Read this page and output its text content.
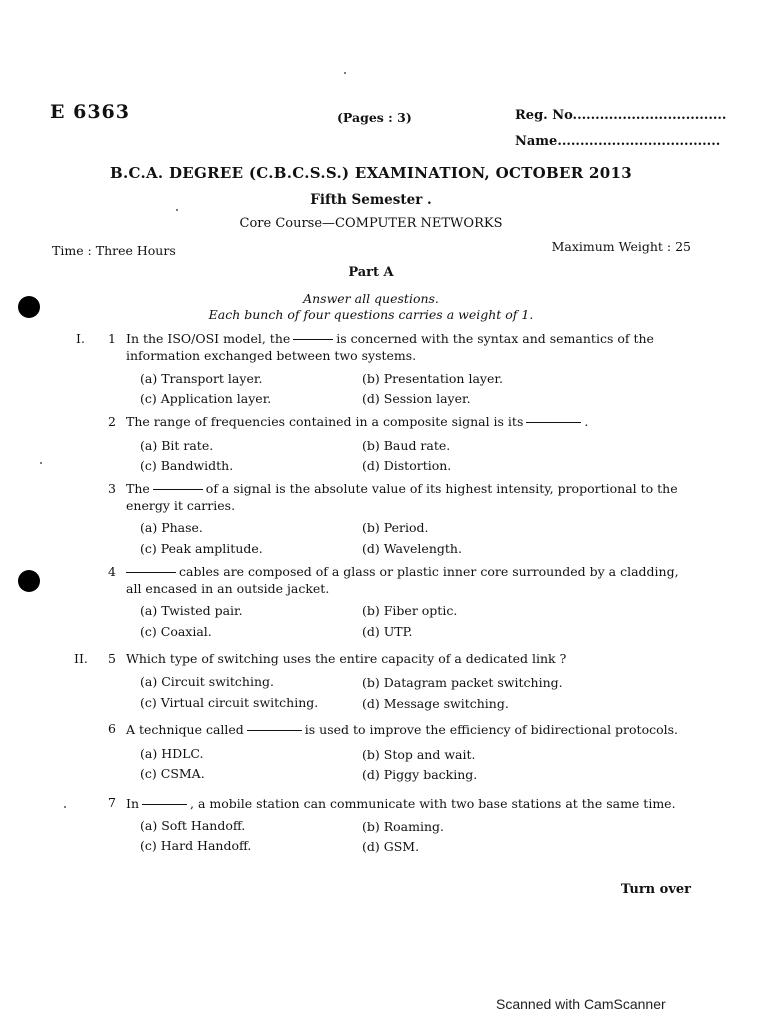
E 6363	(Pages : 3)	Reg. No..................................
Name....................................
B.C.A. DEGREE (C.B.C.S.S.) EXAMINATION, OCTOBER 2013
Fifth Semester .
Core Course—COMPUTER NETWORKS
Time : Three Hours	Maximum Weight : 25
Part A
Answer all questions.
Each bunch of four questions carries a weight of 1.
I. 1 In the ISO/OSI model, the	is concerned with the syntax and semantics of the information exchanged between two systems.
(a) Transport layer.	(b) Presentation layer.
(c) Application layer.	(d) Session layer.
2 The range of frequencies contained in a composite signal is its	.
(a) Bit rate.	(b) Baud rate.
(c) Bandwidth.	(d) Distortion.
3 The	of a signal is the absolute value of its highest intensity, proportional to the energy it carries.
(a) Phase.	(b) Period.
(c) Peak amplitude.	(d) Wavelength.
4	cables are composed of a glass or plastic inner core surrounded by a cladding, all encased in an outside jacket.
(a) Twisted pair.	(b) Fiber optic.
(c) Coaxial.	(d) UTP.
II. 5 Which type of switching uses the entire capacity of a dedicated link ?
(a) Circuit switching.	(b) Datagram packet switching.
(c) Virtual circuit switching.	(d) Message switching.
6 A technique called	is used to improve the efficiency of bidirectional protocols.
(a) HDLC.	(b) Stop and wait.
(c) CSMA.	(d) Piggy backing.
7 In	, a mobile station can communicate with two base stations at the same time.
(a) Soft Handoff.	(b) Roaming.
(c) Hard Handoff.	(d) GSM.
Turn over
Scanned with CamScanner
